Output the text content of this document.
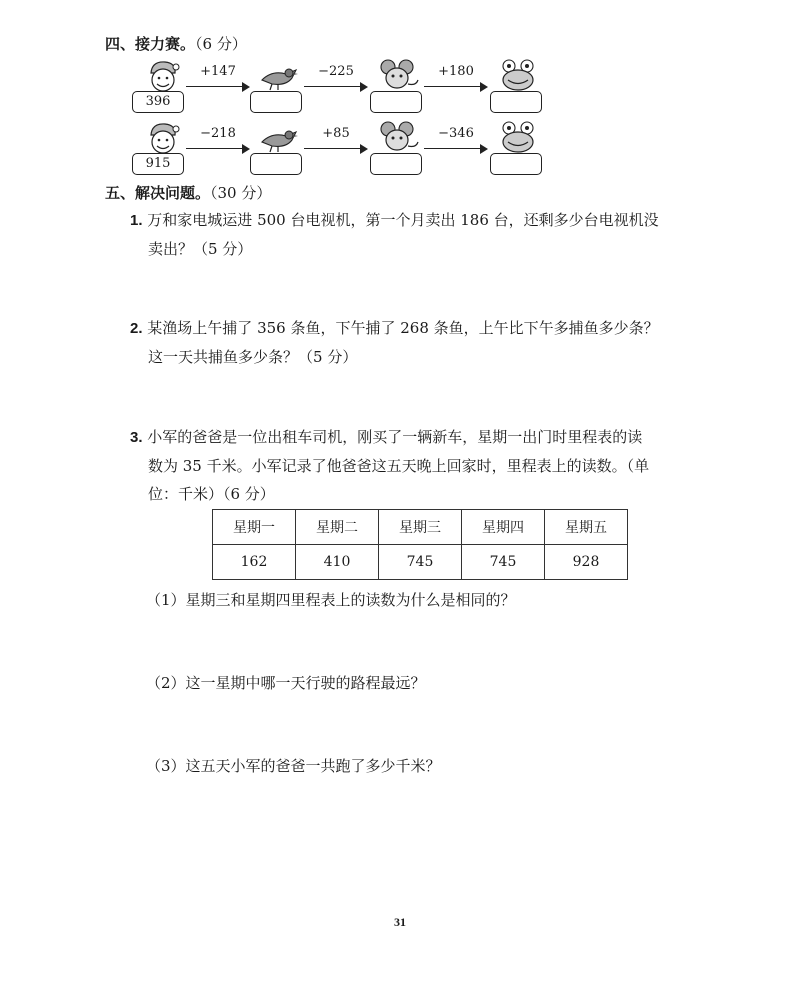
四、接力赛。（6 分）
396
+147	−225	+180
915
−218	+85	−346
五、解决问题。（30 分）
1. 万和家电城运进 500 台电视机，第一个月卖出 186 台，还剩多少台电视机没
卖出？（5 分）
2. 某渔场上午捕了 356 条鱼，下午捕了 268 条鱼，上午比下午多捕鱼多少条？
这一天共捕鱼多少条？（5 分）
3. 小军的爸爸是一位出租车司机，刚买了一辆新车，星期一出门时里程表的读
数为 35 千米。小军记录了他爸爸这五天晚上回家时，里程表上的读数。（单
位：千米）（6 分）
星期一	星期二	星期三	星期四	星期五
162	410	745	745	928
（1）星期三和星期四里程表上的读数为什么是相同的？
（2）这一星期中哪一天行驶的路程最远？
（3）这五天小军的爸爸一共跑了多少千米？
31
